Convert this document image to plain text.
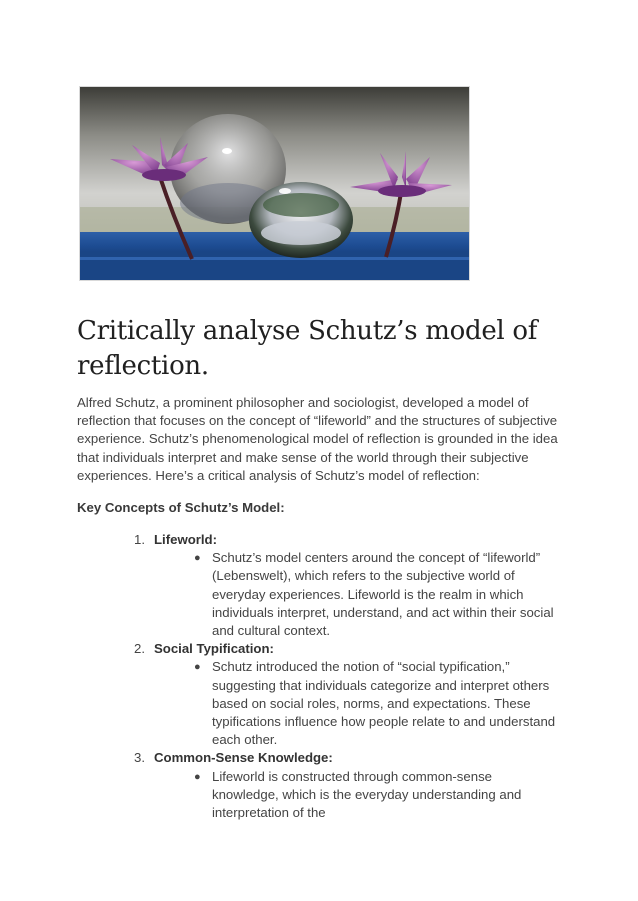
Critically analyse Schutz’s model of reflection.

Alfred Schutz, a prominent philosopher and sociologist, developed a model of reflection that focuses on the concept of “lifeworld” and the structures of subjective experience. Schutz’s phenomenological model of reflection is grounded in the idea that individuals interpret and make sense of the world through their subjective experiences. Here’s a critical analysis of Schutz’s model of reflection:

Key Concepts of Schutz’s Model:

1. Lifeworld:

● Schutz’s model centers around the concept of “lifeworld” (Lebenswelt), which refers to the subjective world of everyday experiences. Lifeworld is the realm in which individuals interpret, understand, and act within their social and cultural context.

2. Social Typification:

● Schutz introduced the notion of “social typification,” suggesting that individuals categorize and interpret others based on social roles, norms, and expectations. These typifications influence how people relate to and understand each other.

3. Common-Sense Knowledge:

● Lifeworld is constructed through common-sense knowledge, which is the everyday understanding and interpretation of the
